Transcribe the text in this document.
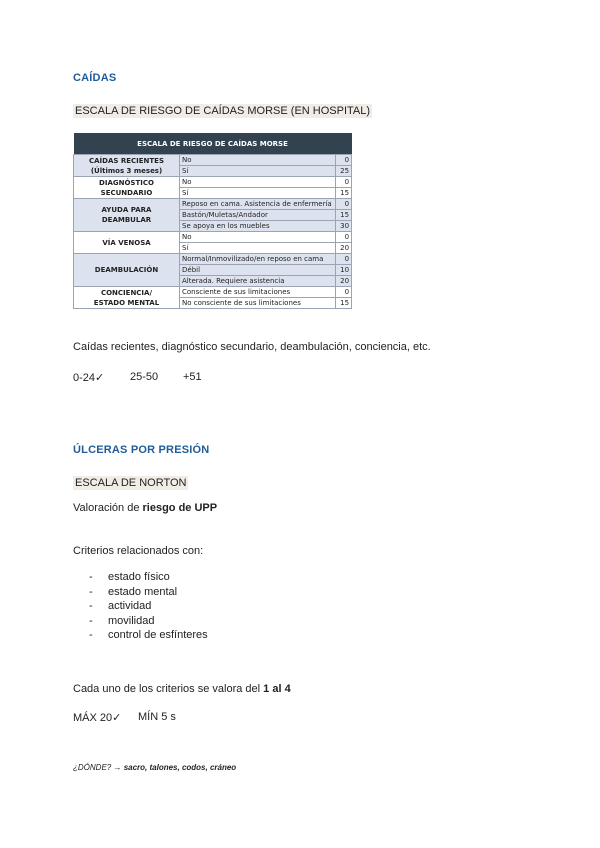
CAÍDAS
ESCALA DE RIESGO DE CAÍDAS MORSE (EN HOSPITAL)
ESCALA DE RIESGO DE CAÍDAS MORSE		

CAÍDAS RECIENTES
(Últimos 3 meses)	No	0
	Sí	25

DIAGNÓSTICO SECUNDARIO	No	0
	Sí	15

AYUDA PARA DEAMBULAR	Reposo en cama. Asistencia de enfermería	0
	Bastón/Muletas/Andador	15
	Se apoya en los muebles	30

VÍA VENOSA	No	0
	Sí	20

DEAMBULACIÓN	Normal/Inmovilizado/en reposo en cama	0
	Débil	10
	Alterada. Requiere asistencia	20

CONCIENCIA/
ESTADO MENTAL	Consciente de sus limitaciones	0
	No consciente de sus limitaciones	15
Caídas recientes, diagnóstico secundario, deambulación, conciencia, etc.
0-24✓ 25-50 +51
ÚLCERAS POR PRESIÓN
ESCALA DE NORTON
Valoración de riesgo de UPP
Criterios relacionados con:
- estado físico
- estado mental
- actividad
- movilidad
- control de esfínteres
Cada uno de los criterios se valora del 1 al 4
MÁX 20✓ MÍN 5 s
¿DÓNDE? → sacro, talones, codos, cráneo
